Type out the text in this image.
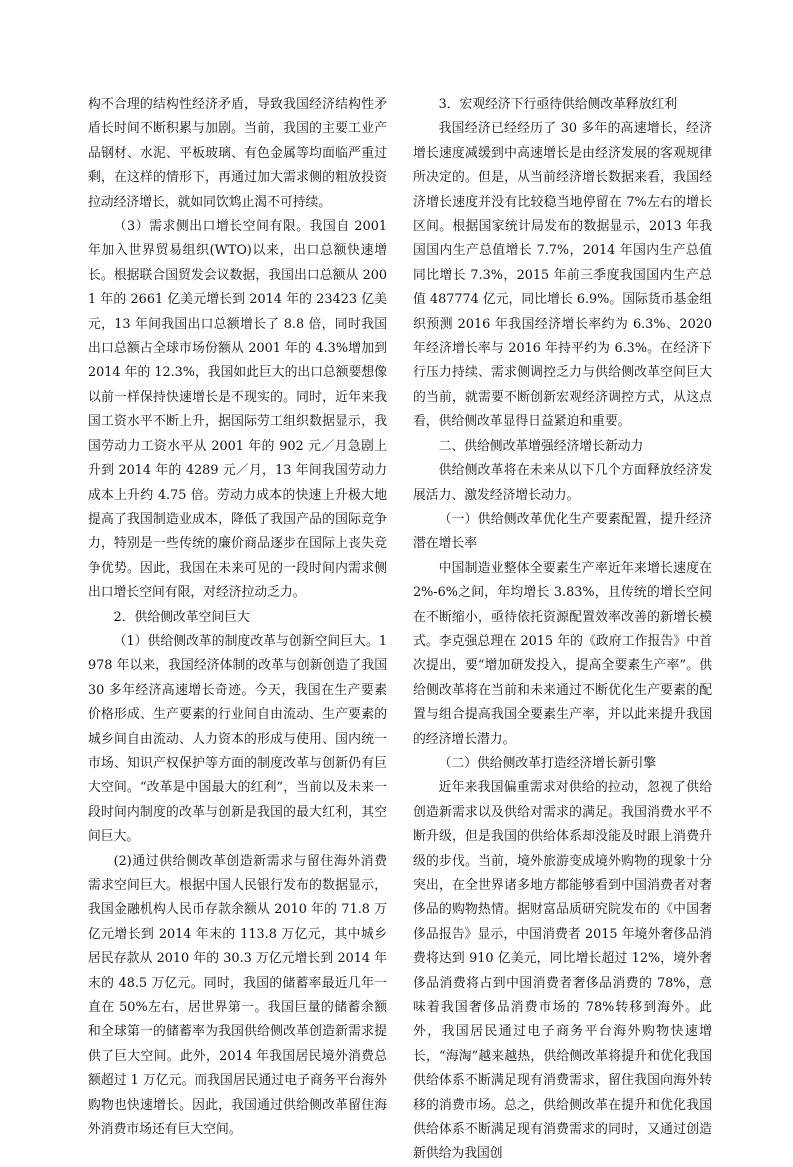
构不合理的结构性经济矛盾，导致我国经济结构性矛盾长时间不断积累与加剧。当前，我国的主要工业产品钢材、水泥、平板玻璃、有色金属等均面临严重过剩，在这样的情形下，再通过加大需求侧的粗放投资拉动经济增长，就如同饮鸩止渴不可持续。

（3）需求侧出口增长空间有限。我国自 2001 年加入世界贸易组织(WTO)以来，出口总额快速增长。根据联合国贸发会议数据，我国出口总额从 2001 年的 2661 亿美元增长到 2014 年的 23423 亿美元，13 年间我国出口总额增长了 8.8 倍，同时我国出口总额占全球市场份额从 2001 年的 4.3%增加到 2014 年的 12.3%，我国如此巨大的出口总额要想像以前一样保持快速增长是不现实的。同时，近年来我国工资水平不断上升，据国际劳工组织数据显示，我国劳动力工资水平从 2001 年的 902 元／月急剧上升到 2014 年的 4289 元／月，13 年间我国劳动力成本上升约 4.75 倍。劳动力成本的快速上升极大地提高了我国制造业成本，降低了我国产品的国际竞争力，特别是一些传统的廉价商品逐步在国际上丧失竞争优势。因此，我国在未来可见的一段时间内需求侧出口增长空间有限，对经济拉动乏力。

2．供给侧改革空间巨大

（1）供给侧改革的制度改革与创新空间巨大。1978 年以来，我国经济体制的改革与创新创造了我国 30 多年经济高速增长奇迹。今天，我国在生产要素价格形成、生产要素的行业间自由流动、生产要素的城乡间自由流动、人力资本的形成与使用、国内统一市场、知识产权保护等方面的制度改革与创新仍有巨大空间。“改革是中国最大的红利”，当前以及未来一段时间内制度的改革与创新是我国的最大红利，其空间巨大。

(2)通过供给侧改革创造新需求与留住海外消费需求空间巨大。根据中国人民银行发布的数据显示，我国金融机构人民币存款余额从 2010 年的 71.8 万亿元增长到 2014 年末的 113.8 万亿元，其中城乡居民存款从 2010 年的 30.3 万亿元增长到 2014 年末的 48.5 万亿元。同时，我国的储蓄率最近几年一直在 50%左右，居世界第一。我国巨量的储蓄余额和全球第一的储蓄率为我国供给侧改革创造新需求提供了巨大空间。此外，2014 年我国居民境外消费总额超过 1 万亿元。而我国居民通过电子商务平台海外购物也快速增长。因此，我国通过供给侧改革留住海外消费市场还有巨大空间。

3．宏观经济下行亟待供给侧改革释放红利

我国经济已经经历了 30 多年的高速增长，经济增长速度减缓到中高速增长是由经济发展的客观规律所决定的。但是，从当前经济增长数据来看，我国经济增长速度并没有比较稳当地停留在 7%左右的增长区间。根据国家统计局发布的数据显示，2013 年我国国内生产总值增长 7.7%，2014 年国内生产总值同比增长 7.3%，2015 年前三季度我国国内生产总值 487774 亿元，同比增长 6.9%。国际货币基金组织预测 2016 年我国经济增长率约为 6.3%、2020 年经济增长率与 2016 年持平约为 6.3%。在经济下行压力持续、需求侧调控乏力与供给侧改革空间巨大的当前，就需要不断创新宏观经济调控方式，从这点看，供给侧改革显得日益紧迫和重要。

二、供给侧改革增强经济增长新动力

供给侧改革将在未来从以下几个方面释放经济发展活力、激发经济增长动力。

（一）供给侧改革优化生产要素配置，提升经济潜在增长率

中国制造业整体全要素生产率近年来增长速度在 2%-6%之间，年均增长 3.83%，且传统的增长空间在不断缩小，亟待依托资源配置效率改善的新增长模式。李克强总理在 2015 年的《政府工作报告》中首次提出，要“增加研发投入，提高全要素生产率”。供给侧改革将在当前和未来通过不断优化生产要素的配置与组合提高我国全要素生产率，并以此来提升我国的经济增长潜力。

（二）供给侧改革打造经济增长新引擎

近年来我国偏重需求对供给的拉动，忽视了供给创造新需求以及供给对需求的满足。我国消费水平不断升级，但是我国的供给体系却没能及时跟上消费升级的步伐。当前，境外旅游变成境外购物的现象十分突出，在全世界诸多地方都能够看到中国消费者对奢侈品的购物热情。据财富品质研究院发布的《中国奢侈品报告》显示，中国消费者 2015 年境外奢侈品消费将达到 910 亿美元，同比增长超过 12%，境外奢侈品消费将占到中国消费者奢侈品消费的 78%，意味着我国奢侈品消费市场的 78%转移到海外。此外，我国居民通过电子商务平台海外购物快速增长，“海淘”越来越热，供给侧改革将提升和优化我国供给体系不断满足现有消费需求，留住我国向海外转移的消费市场。总之，供给侧改革在提升和优化我国供给体系不断满足现有消费需求的同时，又通过创造新供给为我国创
